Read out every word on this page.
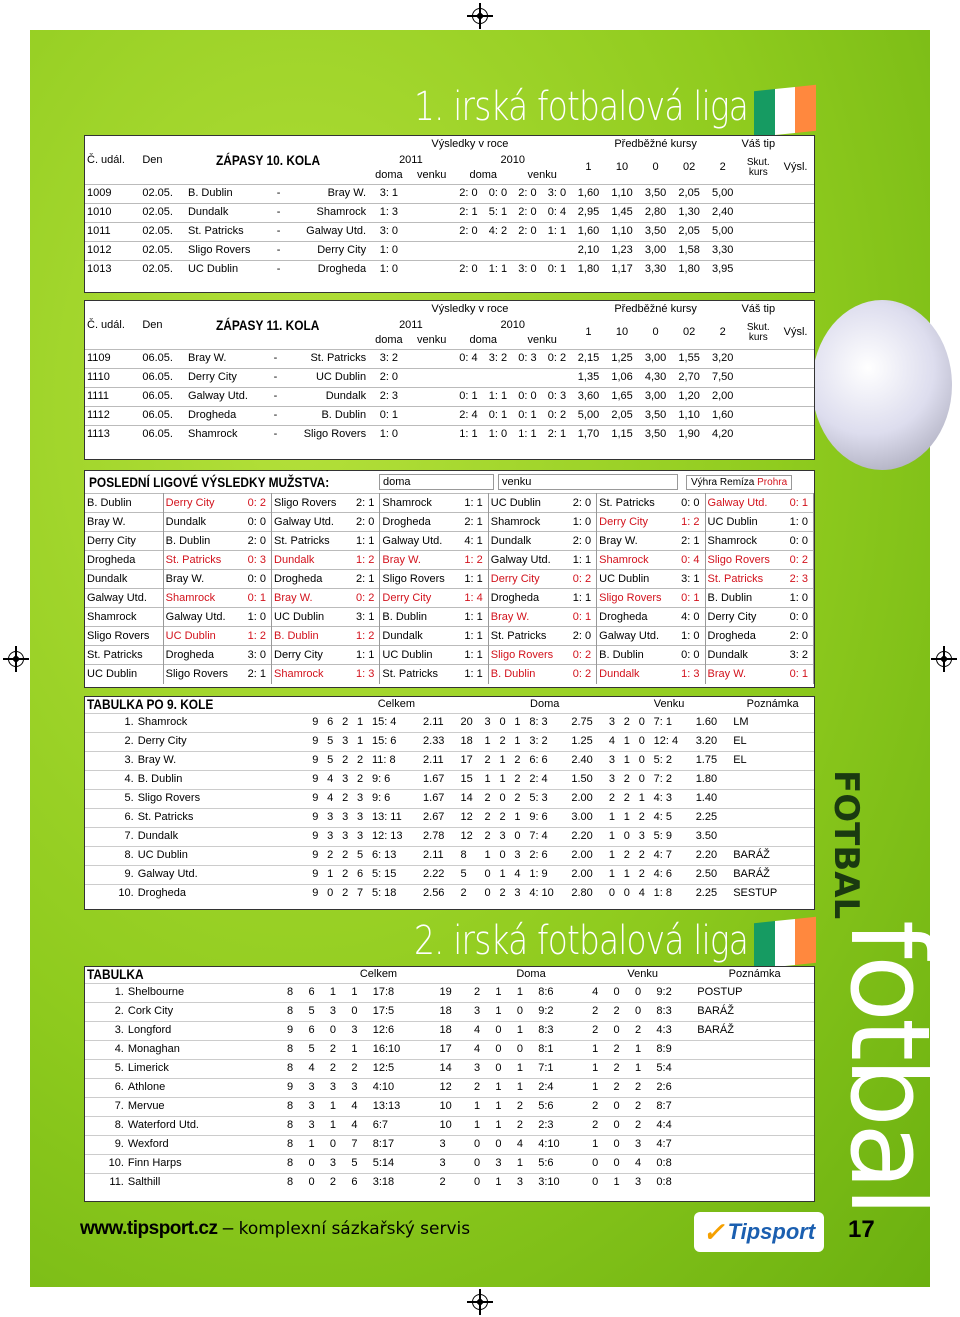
1. irská fotbalová liga
2. irská fotbalová liga fotbal
FOTBAL
					Výsledky v roce						Předběžné kursy					Váš tip	
Č. udál.	Den	ZÁPASY 10. KOLA			2011		2010				1	10	0	02	2	Skut. kurs	Výsl.
					doma	venku	doma		venku								
1009	02.05.	B. Dublin	-	Bray W.	3: 1		2: 0	0: 0	2: 0	3: 0	1,60	1,10	3,50	2,05	5,00		
1010	02.05.	Dundalk	-	Shamrock	1: 3		2: 1	5: 1	2: 0	0: 4	2,95	1,45	2,80	1,30	2,40		
1011	02.05.	St. Patricks	-	Galway Utd.	3: 0		2: 0	4: 2	2: 0	1: 1	1,60	1,10	3,50	2,05	5,00		
1012	02.05.	Sligo Rovers	-	Derry City	1: 0						2,10	1,23	3,00	1,58	3,30		
1013	02.05.	UC Dublin	-	Drogheda	1: 0		2: 0	1: 1	3: 0	0: 1	1,80	1,17	3,30	1,80	3,95		
					Výsledky v roce						Předběžné kursy					Váš tip	
Č. udál.	Den	ZÁPASY 11. KOLA			2011		2010				1	10	0	02	2	Skut. kurs	Výsl.
					doma	venku	doma		venku								
1109	06.05.	Bray W.	-	St. Patricks	3: 2		0: 4	3: 2	0: 3	0: 2	2,15	1,25	3,00	1,55	3,20		
1110	06.05.	Derry City	-	UC Dublin	2: 0						1,35	1,06	4,30	2,70	7,50		
1111	06.05.	Galway Utd.	-	Dundalk	2: 3		0: 1	1: 1	0: 0	0: 3	3,60	1,65	3,00	1,20	2,00		
1112	06.05.	Drogheda	-	B. Dublin	0: 1		2: 4	0: 1	0: 1	0: 2	5,00	2,05	3,50	1,10	1,60		
1113	06.05.	Shamrock	-	Sligo Rovers	1: 0		1: 1	1: 0	1: 1	2: 1	1,70	1,15	3,50	1,90	4,20		
POSLEDNÍ LIGOVÉ VÝSLEDKY MUŽSTVA:	doma	venku	Výhra Remíza Prohra
B. Dublin	Derry City	0: 2	Sligo Rovers	2: 1	Shamrock	1: 1	UC Dublin	2: 0	St. Patricks	0: 0	Galway Utd.	0: 1
Bray W.	Dundalk	0: 0	Galway Utd.	2: 0	Drogheda	2: 1	Shamrock	1: 0	Derry City	1: 2	UC Dublin	1: 0
Derry City	B. Dublin	2: 0	St. Patricks	1: 1	Galway Utd.	4: 1	Dundalk	2: 0	Bray W.	2: 1	Shamrock	0: 0
Drogheda	St. Patricks	0: 3	Dundalk	1: 2	Bray W.	1: 2	Galway Utd.	1: 1	Shamrock	0: 4	Sligo Rovers	0: 2
Dundalk	Bray W.	0: 0	Drogheda	2: 1	Sligo Rovers	1: 1	Derry City	0: 2	UC Dublin	3: 1	St. Patricks	2: 3
Galway Utd.	Shamrock	0: 1	Bray W.	0: 2	Derry City	1: 4	Drogheda	1: 1	Sligo Rovers	0: 1	B. Dublin	1: 0
Shamrock	Galway Utd.	1: 0	UC Dublin	3: 1	B. Dublin	1: 1	Bray W.	0: 1	Drogheda	4: 0	Derry City	0: 0
Sligo Rovers	UC Dublin	1: 2	B. Dublin	1: 2	Dundalk	1: 1	St. Patricks	2: 0	Galway Utd.	1: 0	Drogheda	2: 0
St. Patricks	Drogheda	3: 0	Derry City	1: 1	UC Dublin	1: 1	Sligo Rovers	0: 2	B. Dublin	0: 0	Dundalk	3: 2
UC Dublin	Sligo Rovers	2: 1	Shamrock	1: 3	St. Patricks	1: 1	B. Dublin	0: 2	Dundalk	1: 3	Bray W.	0: 1
TABULKA PO 9. KOLE		Celkem							Doma					Venku					Poznámka
1.	Shamrock	9	6	2	1	15: 4	2.11	20	3	0	1	8: 3	2.75	3	2	0	7: 1	1.60	LM
2.	Derry City	9	5	3	1	15: 6	2.33	18	1	2	1	3: 2	1.25	4	1	0	12: 4	3.20	EL
3.	Bray W.	9	5	2	2	11: 8	2.11	17	2	1	2	6: 6	2.40	3	1	0	5: 2	1.75	EL
4.	B. Dublin	9	4	3	2	9: 6	1.67	15	1	1	2	2: 4	1.50	3	2	0	7: 2	1.80	
5.	Sligo Rovers	9	4	2	3	9: 6	1.67	14	2	0	2	5: 3	2.00	2	2	1	4: 3	1.40	
6.	St. Patricks	9	3	3	3	13: 11	2.67	12	2	2	1	9: 6	3.00	1	1	2	4: 5	2.25	
7.	Dundalk	9	3	3	3	12: 13	2.78	12	2	3	0	7: 4	2.20	1	0	3	5: 9	3.50	
8.	UC Dublin	9	2	2	5	6: 13	2.11	8	1	0	3	2: 6	2.00	1	2	2	4: 7	2.20	BARÁŽ
9.	Galway Utd.	9	1	2	6	5: 15	2.22	5	0	1	4	1: 9	2.00	1	1	2	4: 6	2.50	BARÁŽ
10.	Drogheda	9	0	2	7	5: 18	2.56	2	0	2	3	4: 10	2.80	0	0	4	1: 8	2.25	SESTUP
TABULKA		Celkem						Doma				Venku				Poznámka
1.	Shelbourne	8	6	1	1	17:8	19	2	1	1	8:6	4	0	0	9:2	POSTUP
2.	Cork City	8	5	3	0	17:5	18	3	1	0	9:2	2	2	0	8:3	BARÁŽ
3.	Longford	9	6	0	3	12:6	18	4	0	1	8:3	2	0	2	4:3	BARÁŽ
4.	Monaghan	8	5	2	1	16:10	17	4	0	0	8:1	1	2	1	8:9	
5.	Limerick	8	4	2	2	12:5	14	3	0	1	7:1	1	2	1	5:4	
6.	Athlone	9	3	3	3	4:10	12	2	1	1	2:4	1	2	2	2:6	
7.	Mervue	8	3	1	4	13:13	10	1	1	2	5:6	2	0	2	8:7	
8.	Waterford Utd.	8	3	1	4	6:7	10	1	1	2	2:3	2	0	2	4:4	
9.	Wexford	8	1	0	7	8:17	3	0	0	4	4:10	1	0	3	4:7	
10.	Finn Harps	8	0	3	5	5:14	3	0	3	1	5:6	0	0	4	0:8	
11.	Salthill	8	0	2	6	3:18	2	0	1	3	3:10	0	1	3	0:8	
www.tipsport.cz – komplexní sázkařský servis	✓ Tipsport 17
